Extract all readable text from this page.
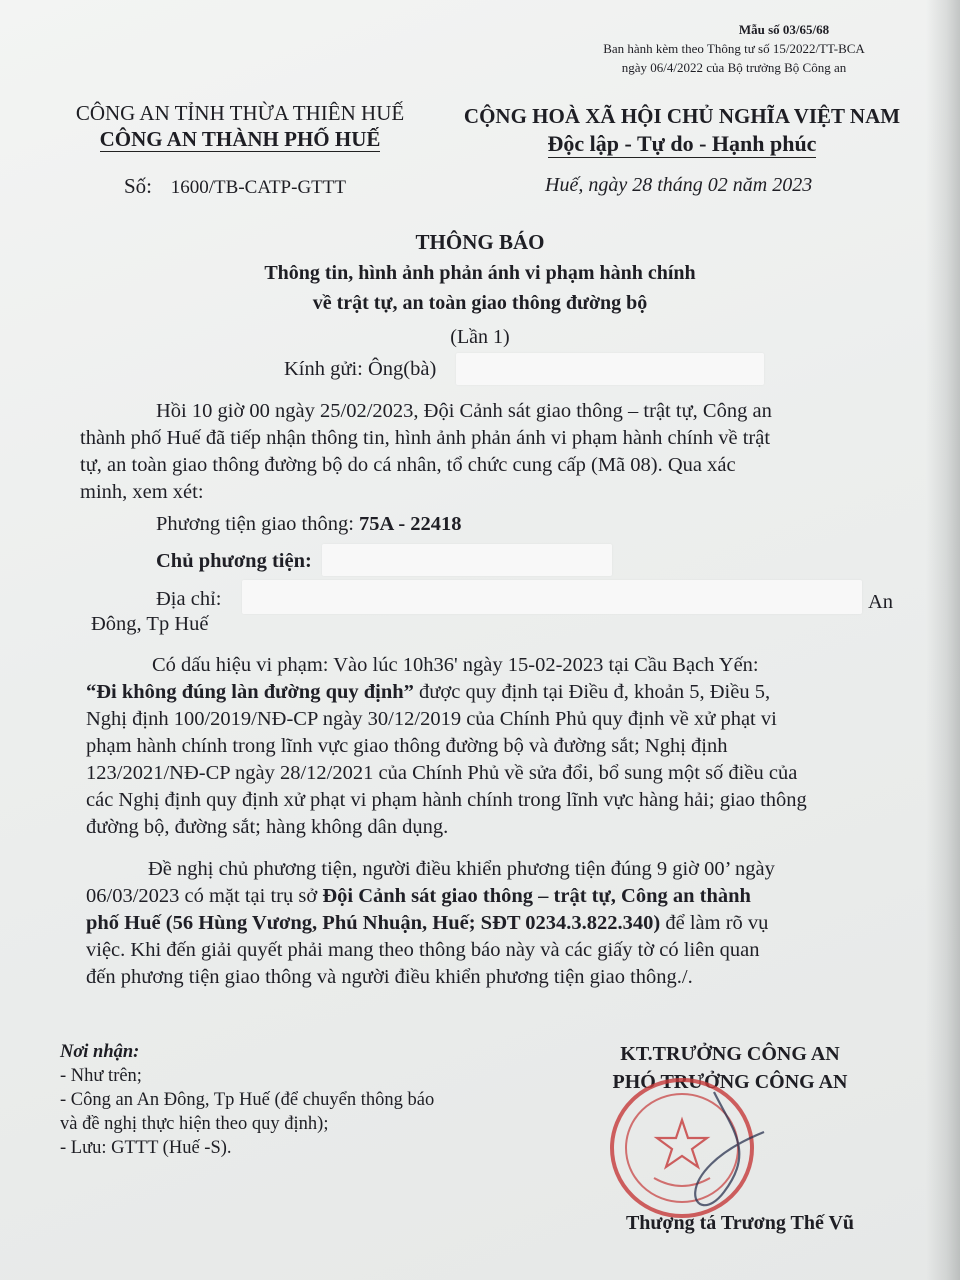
Mẫu số 03/65/68
Ban hành kèm theo Thông tư số 15/2022/TT-BCA
ngày 06/4/2022 của Bộ trưởng Bộ Công an
CÔNG AN TỈNH THỪA THIÊN HUẾ
CÔNG AN THÀNH PHỐ HUẾ
CỘNG HOÀ XÃ HỘI CHỦ NGHĨA VIỆT NAM
Độc lập - Tự do - Hạnh phúc
Số: 1600/TB-CATP-GTTT	Huế, ngày 28 tháng 02 năm 2023
THÔNG BÁO
Thông tin, hình ảnh phản ánh vi phạm hành chính
về trật tự, an toàn giao thông đường bộ
(Lần 1)
Kính gửi: Ông(bà)
Hồi 10 giờ 00 ngày 25/02/2023, Đội Cảnh sát giao thông – trật tự, Công an
thành phố Huế đã tiếp nhận thông tin, hình ảnh phản ánh vi phạm hành chính về trật
tự, an toàn giao thông đường bộ do cá nhân, tổ chức cung cấp (Mã 08). Qua xác
minh, xem xét:
Phương tiện giao thông: 75A - 22418
Chủ phương tiện:
Địa chỉ:	An
Đông, Tp Huế
Có dấu hiệu vi phạm: Vào lúc 10h36' ngày 15-02-2023 tại Cầu Bạch Yến:
“Đi không đúng làn đường quy định” được quy định tại Điều đ, khoản 5, Điều 5,
Nghị định 100/2019/NĐ-CP ngày 30/12/2019 của Chính Phủ quy định về xử phạt vi
phạm hành chính trong lĩnh vực giao thông đường bộ và đường sắt; Nghị định
123/2021/NĐ-CP ngày 28/12/2021 của Chính Phủ về sửa đổi, bổ sung một số điều của
các Nghị định quy định xử phạt vi phạm hành chính trong lĩnh vực hàng hải; giao thông
đường bộ, đường sắt; hàng không dân dụng.
Đề nghị chủ phương tiện, người điều khiển phương tiện đúng 9 giờ 00’ ngày
06/03/2023 có mặt tại trụ sở Đội Cảnh sát giao thông – trật tự, Công an thành
phố Huế (56 Hùng Vương, Phú Nhuận, Huế; SĐT 0234.3.822.340) để làm rõ vụ
việc. Khi đến giải quyết phải mang theo thông báo này và các giấy tờ có liên quan
đến phương tiện giao thông và người điều khiển phương tiện giao thông./.
Nơi nhận:
- Như trên;
- Công an An Đông, Tp Huế (để chuyển thông báo
và đề nghị thực hiện theo quy định);
- Lưu: GTTT (Huế -S).
KT.TRƯỞNG CÔNG AN
PHÓ TRƯỞNG CÔNG AN
Thượng tá Trương Thế Vũ
